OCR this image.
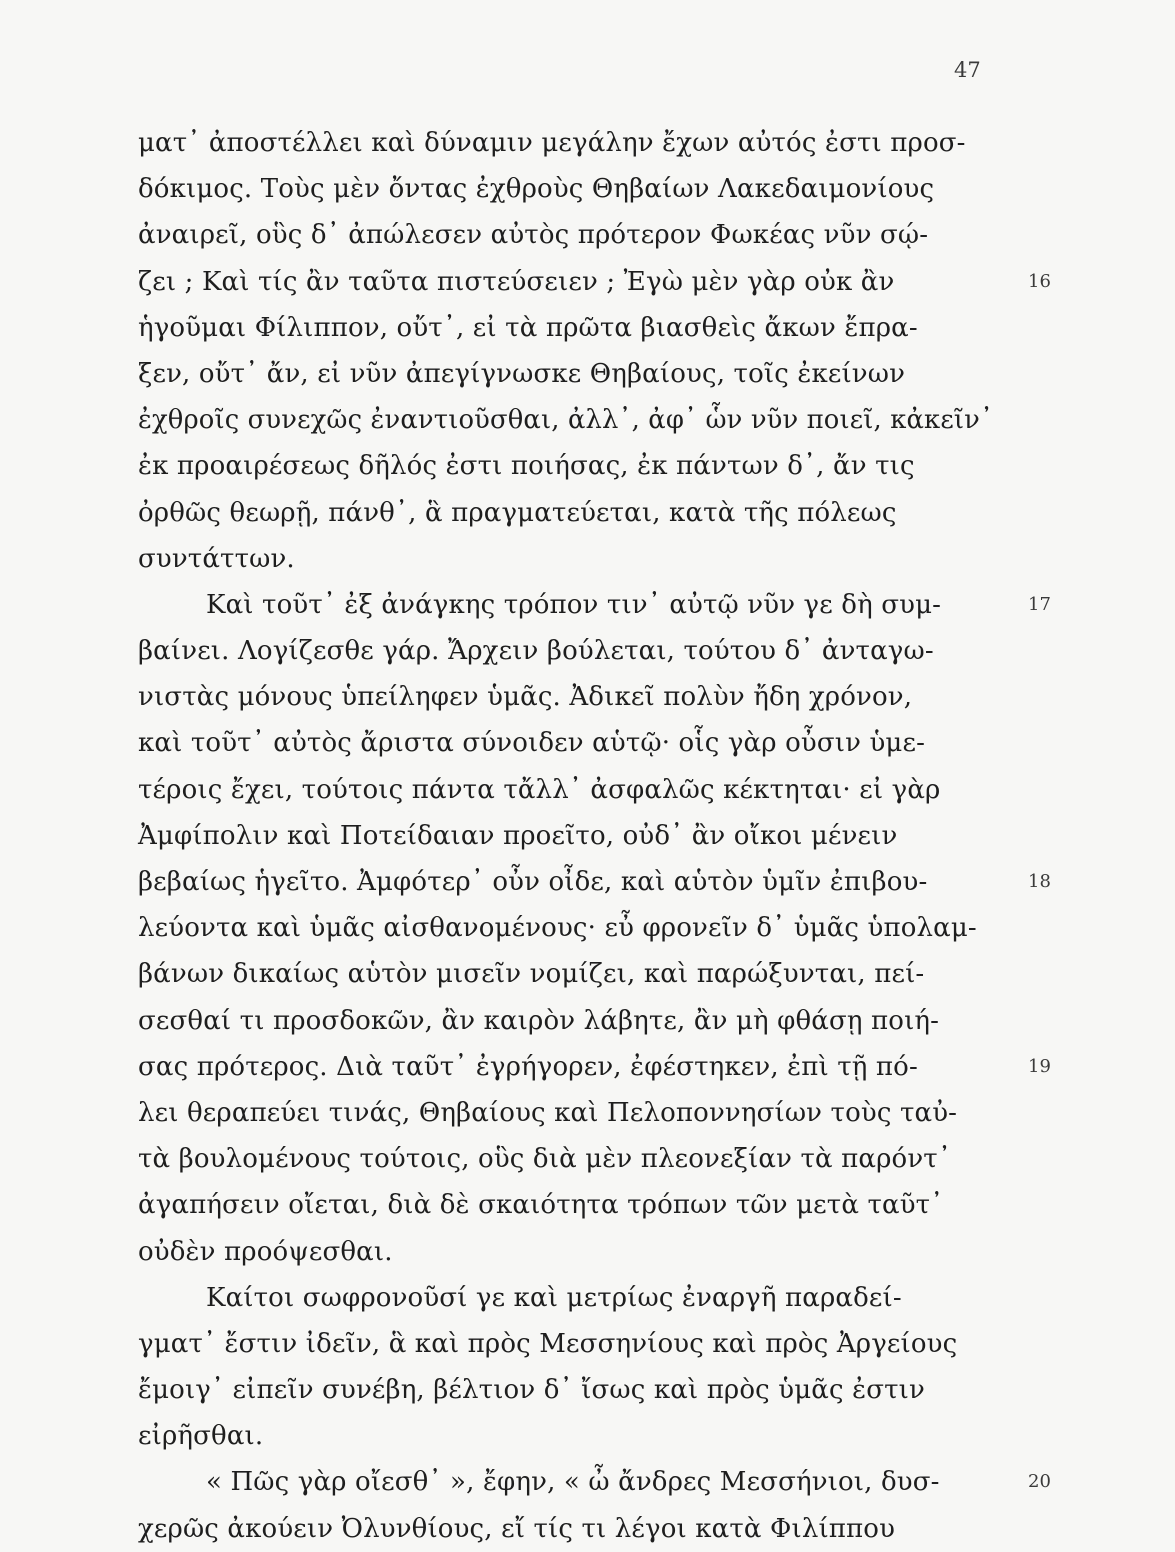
47
ματ᾽ ἀποστέλλει καὶ δύναμιν μεγάλην ἔχων αὐτός ἐστι προσ-
δόκιμος. Τοὺς μὲν ὄντας ἐχθροὺς Θηβαίων Λακεδαιμονίους
ἀναιρεῖ, οὓς δ᾽ ἀπώλεσεν αὐτὸς πρότερον Φωκέας νῦν σῴ-
ζει ; Καὶ τίς ἂν ταῦτα πιστεύσειεν ; Ἐγὼ μὲν γὰρ οὐκ ἂν	16
ἡγοῦμαι Φίλιππον, οὔτ᾽, εἰ τὰ πρῶτα βιασθεὶς ἄκων ἔπρα-
ξεν, οὔτ᾽ ἄν, εἰ νῦν ἀπεγίγνωσκε Θηβαίους, τοῖς ἐκείνων
ἐχθροῖς συνεχῶς ἐναντιοῦσθαι, ἀλλ᾽, ἀφ᾽ ὧν νῦν ποιεῖ, κἀκεῖν᾽
ἐκ προαιρέσεως δῆλός ἐστι ποιήσας, ἐκ πάντων δ᾽, ἄν τις
ὀρθῶς θεωρῇ, πάνθ᾽, ἃ πραγματεύεται, κατὰ τῆς πόλεως
συντάττων.
Καὶ τοῦτ᾽ ἐξ ἀνάγκης τρόπον τιν᾽ αὐτῷ νῦν γε δὴ συμ-	17
βαίνει. Λογίζεσθε γάρ. Ἄρχειν βούλεται, τούτου δ᾽ ἀνταγω-
νιστὰς μόνους ὑπείληφεν ὑμᾶς. Ἀδικεῖ πολὺν ἤδη χρόνον,
καὶ τοῦτ᾽ αὐτὸς ἄριστα σύνοιδεν αὑτῷ· οἷς γὰρ οὖσιν ὑμε-
τέροις ἔχει, τούτοις πάντα τἄλλ᾽ ἀσφαλῶς κέκτηται· εἰ γὰρ
Ἀμφίπολιν καὶ Ποτείδαιαν προεῖτο, οὐδ᾽ ἂν οἴκοι μένειν
βεβαίως ἡγεῖτο. Ἀμφότερ᾽ οὖν οἶδε, καὶ αὑτὸν ὑμῖν ἐπιβου-	18
λεύοντα καὶ ὑμᾶς αἰσθανομένους· εὖ φρονεῖν δ᾽ ὑμᾶς ὑπολαμ-
βάνων δικαίως αὑτὸν μισεῖν νομίζει, καὶ παρώξυνται, πεί-
σεσθαί τι προσδοκῶν, ἂν καιρὸν λάβητε, ἂν μὴ φθάσῃ ποιή-
σας πρότερος. Διὰ ταῦτ᾽ ἐγρήγορεν, ἐφέστηκεν, ἐπὶ τῇ πό-	19
λει θεραπεύει τινάς, Θηβαίους καὶ Πελοποννησίων τοὺς ταὐ-
τὰ βουλομένους τούτοις, οὓς διὰ μὲν πλεονεξίαν τὰ παρόντ᾽
ἀγαπήσειν οἴεται, διὰ δὲ σκαιότητα τρόπων τῶν μετὰ ταῦτ᾽
οὐδὲν προόψεσθαι.
Καίτοι σωφρονοῦσί γε καὶ μετρίως ἐναργῆ παραδεί-
γματ᾽ ἔστιν ἰδεῖν, ἃ καὶ πρὸς Μεσσηνίους καὶ πρὸς Ἀργείους
ἔμοιγ᾽ εἰπεῖν συνέβη, βέλτιον δ᾽ ἴσως καὶ πρὸς ὑμᾶς ἐστιν
εἰρῆσθαι.
« Πῶς γὰρ οἴεσθ᾽ », ἔφην, « ὦ ἄνδρες Μεσσήνιοι, δυσ-	20
χερῶς ἀκούειν Ὀλυνθίους, εἴ τίς τι λέγοι κατὰ Φιλίππου
